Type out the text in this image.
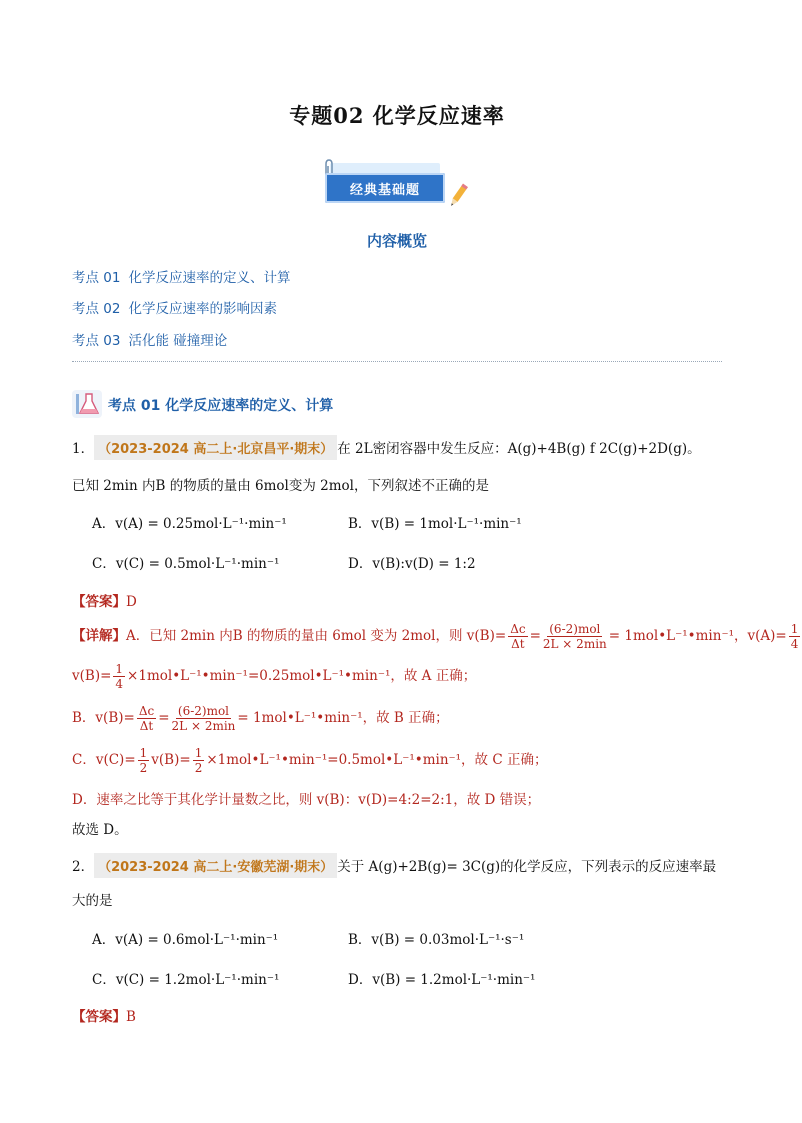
专题02 化学反应速率
经典基础题
内容概览
考点 01 化学反应速率的定义、计算
考点 02 化学反应速率的影响因素
考点 03 活化能 碰撞理论
考点 01 化学反应速率的定义、计算
1． （2023-2024 高二上·北京昌平·期末） 在 2L密闭容器中发生反应：A(g)+4B(g) f 2C(g)+2D(g)。
已知 2min 内B 的物质的量由 6mol变为 2mol，下列叙述不正确的是
A．v(A) = 0.25mol·L⁻¹·min⁻¹	B．v(B) = 1mol·L⁻¹·min⁻¹
C．v(C) = 0.5mol·L⁻¹·min⁻¹	D．v(B):v(D) = 1:2
【答案】D
【详解】A．已知 2min 内B 的物质的量由 6mol 变为 2mol，则 $v(B)= \frac{\Delta c}{\Delta t} = \frac{\text{(6-2)mol}}{2L \times 2\min}$ = 1mol•L⁻¹•min⁻¹，$v(A)= \frac{1}{4}$
$v(B)= \frac{1}{4}$ ×1mol•L⁻¹•min⁻¹=0.25mol•L⁻¹•min⁻¹，故 A 正确；
B．$v(B)= \frac{\Delta c}{\Delta t} = \frac{\text{(6-2)mol}}{2L \times 2\min}$ = 1mol•L⁻¹•min⁻¹，故 B 正确；
C．$v(C)= \frac{1}{2} v(B)= \frac{1}{2}$ ×1mol•L⁻¹•min⁻¹=0.5mol•L⁻¹•min⁻¹，故 C 正确；
D．速率之比等于其化学计量数之比，则 v(B)：v(D)=4:2=2:1，故 D 错误；
故选 D。
2． （2023-2024 高二上·安徽芜湖·期末） 关于 A(g)+2B(g)= 3C(g)的化学反应，下列表示的反应速率最
大的是
A．v(A) = 0.6mol·L⁻¹·min⁻¹	B．v(B) = 0.03mol·L⁻¹·s⁻¹
C．v(C) = 1.2mol·L⁻¹·min⁻¹	D．v(B) = 1.2mol·L⁻¹·min⁻¹
【答案】B
